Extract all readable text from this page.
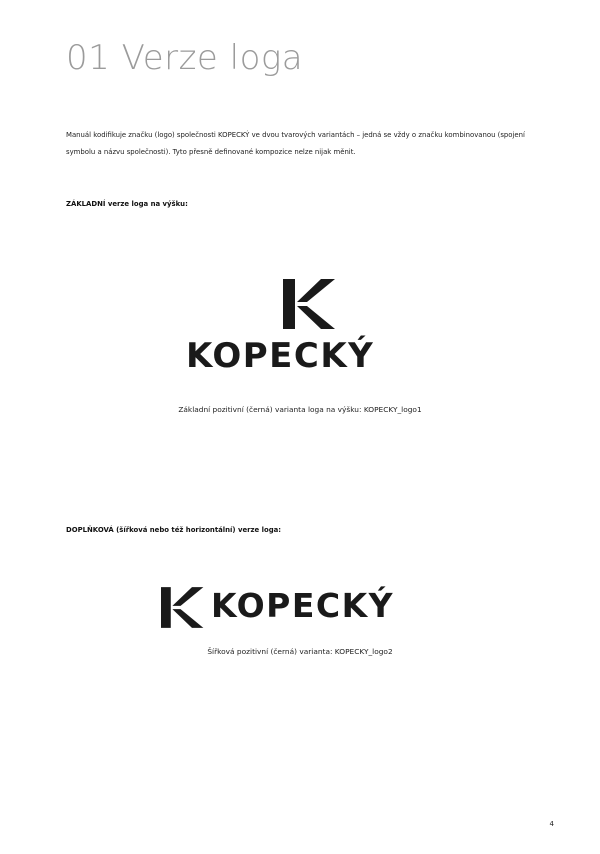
01 Verze loga
Manuál kodifikuje značku (logo) společnosti KOPECKÝ ve dvou tvarových variantách – jedná se vždy o značku kombinovanou (spojení symbolu a názvu společnosti). Tyto přesně definované kompozice nelze nijak měnit.
ZÁKLADNÍ verze loga na výšku:
KOPECKÝ
Základní pozitivní (černá) varianta loga na výšku: KOPECKY_logo1
DOPLŇKOVÁ (šířková nebo též horizontální) verze loga:
KOPECKÝ
Šířková pozitivní (černá) varianta: KOPECKY_logo2
4
